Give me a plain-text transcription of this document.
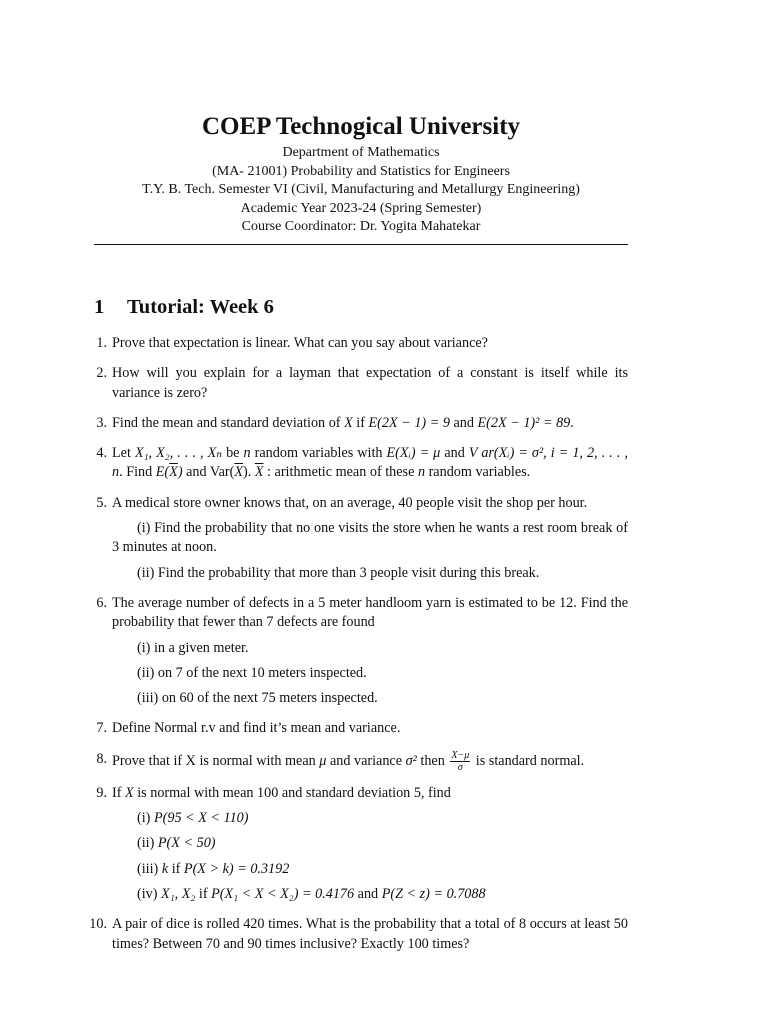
COEP Technogical University
Department of Mathematics
(MA- 21001) Probability and Statistics for Engineers
T.Y. B. Tech. Semester VI (Civil, Manufacturing and Metallurgy Engineering)
Academic Year 2023-24 (Spring Semester)
Course Coordinator: Dr. Yogita Mahatekar
1 Tutorial: Week 6
1. Prove that expectation is linear. What can you say about variance?
2. How will you explain for a layman that expectation of a constant is itself while its variance is zero?
3. Find the mean and standard deviation of X if E(2X − 1) = 9 and E(2X − 1)² = 89.
4. Let X₁, X₂, . . . , Xₙ be n random variables with E(Xᵢ) = μ and V ar(Xᵢ) = σ², i = 1, 2, . . . , n. Find $E(\overline{X})$ and $Var(\overline{X})$. $\overline{X}$ : arithmetic mean of these n random variables.
5. A medical store owner knows that, on an average, 40 people visit the shop per hour.
(i) Find the probability that no one visits the store when he wants a rest room break of 3 minutes at noon.
(ii) Find the probability that more than 3 people visit during this break.
6. The average number of defects in a 5 meter handloom yarn is estimated to be 12. Find the probability that fewer than 7 defects are found
(i) in a given meter.
(ii) on 7 of the next 10 meters inspected.
(iii) on 60 of the next 75 meters inspected.
7. Define Normal r.v and find it’s mean and variance.
8. Prove that if X is normal with mean μ and variance σ² then $\frac{X-\mu}{\sigma}$ is standard normal.
9. If X is normal with mean 100 and standard deviation 5, find
(i) P(95 < X < 110)
(ii) P(X < 50)
(iii) k if P(X > k) = 0.3192
(iv) X₁, X₂ if P(X₁ < X < X₂) = 0.4176 and P(Z < z) = 0.7088
10. A pair of dice is rolled 420 times. What is the probability that a total of 8 occurs at least 50 times? Between 70 and 90 times inclusive? Exactly 100 times?
